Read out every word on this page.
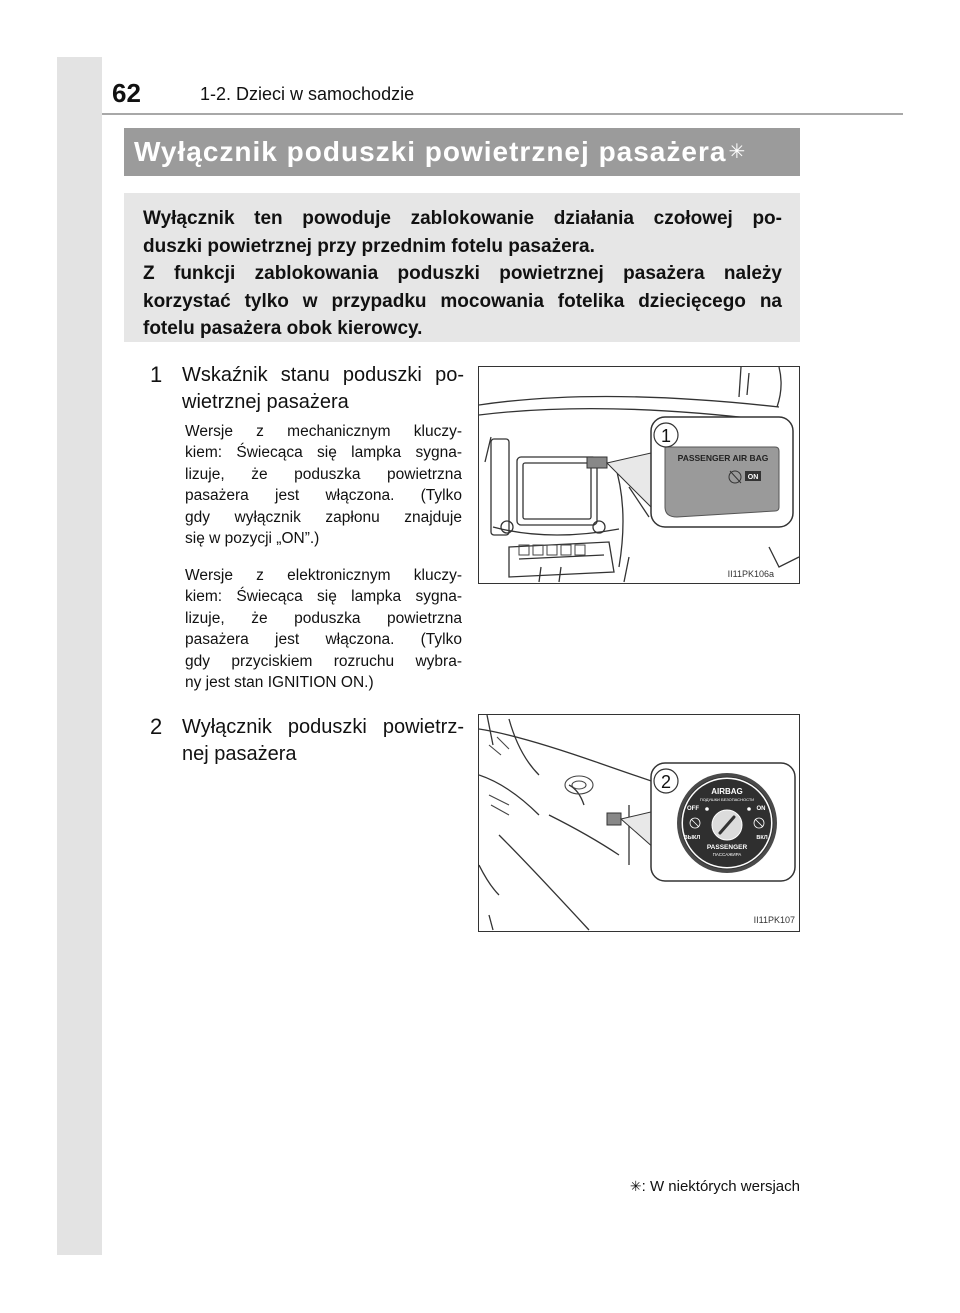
62	1-2. Dzieci w samochodzie
Wyłącznik poduszki powietrznej pasażera ✳
Wyłącznik ten powoduje zablokowanie działania czołowej po-
duszki powietrznej przy przednim fotelu pasażera.
Z funkcji zablokowania poduszki powietrznej pasażera należy
korzystać tylko w przypadku mocowania fotelika dziecięcego na
fotelu pasażera obok kierowcy.
1 Wskaźnik stanu poduszki po-
wietrznej pasażera
Wersje z mechanicznym kluczy-
kiem: Świecąca się lampka sygna-
lizuje, że poduszka powietrzna
pasażera jest włączona. (Tylko
gdy wyłącznik zapłonu znajduje
się w pozycji „ON”.)
Wersje z elektronicznym kluczy-
kiem: Świecąca się lampka sygna-
lizuje, że poduszka powietrzna
pasażera jest włączona. (Tylko
gdy przyciskiem rozruchu wybra-
ny jest stan IGNITION ON.)
2 Wyłącznik poduszki powietrz-
nej pasażera
1
PASSENGER AIR BAG
ON
II11PK106a
2	AIRBAG
ПОДУШКИ БЕЗОПАСНОСТИ
OFF	ON
ВЫКЛ	ВКЛ
PASSENGER
ПАССАЖИРА
II11PK107
✳: W niektórych wersjach
